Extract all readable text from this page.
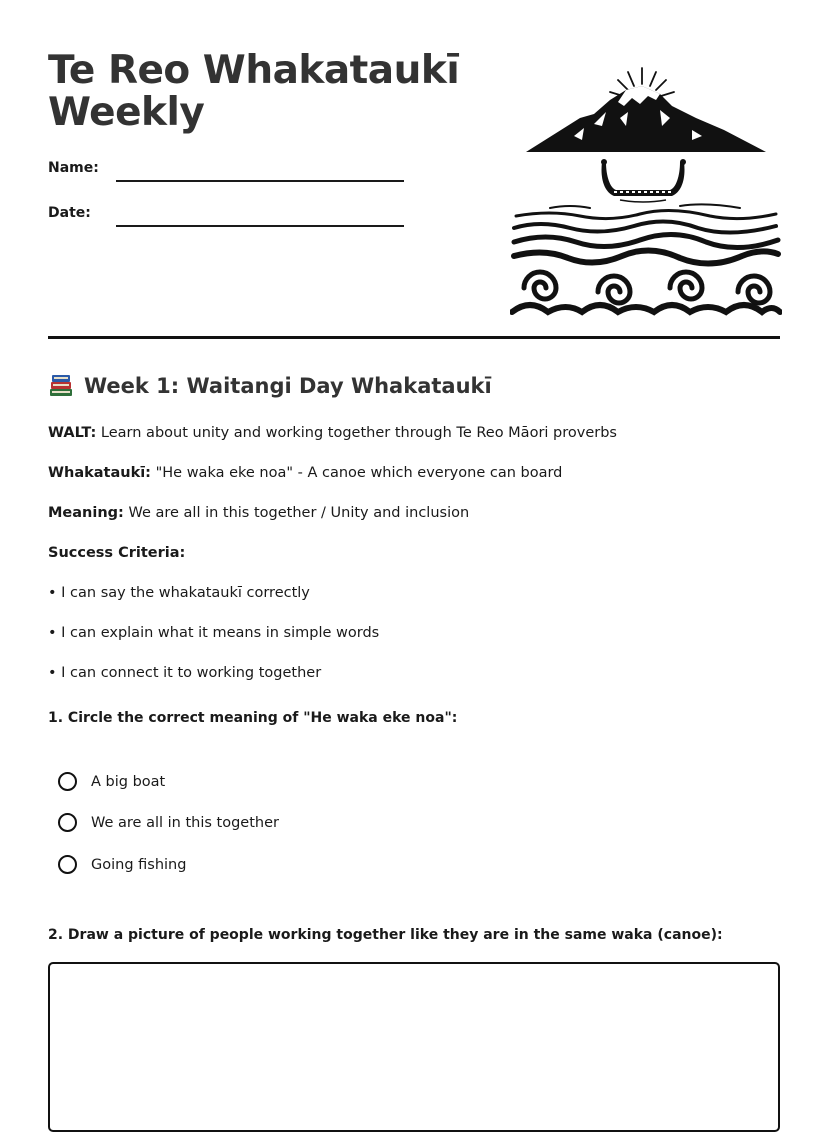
Te Reo Whakataukī
Weekly
Name:
Date:
Week 1: Waitangi Day Whakataukī
WALT: Learn about unity and working together through Te Reo Māori proverbs
Whakataukī: "He waka eke noa" - A canoe which everyone can board
Meaning: We are all in this together / Unity and inclusion
Success Criteria:
• I can say the whakataukī correctly
• I can explain what it means in simple words
• I can connect it to working together
1. Circle the correct meaning of "He waka eke noa":
A big boat
We are all in this together
Going fishing
2. Draw a picture of people working together like they are in the same waka (canoe):
